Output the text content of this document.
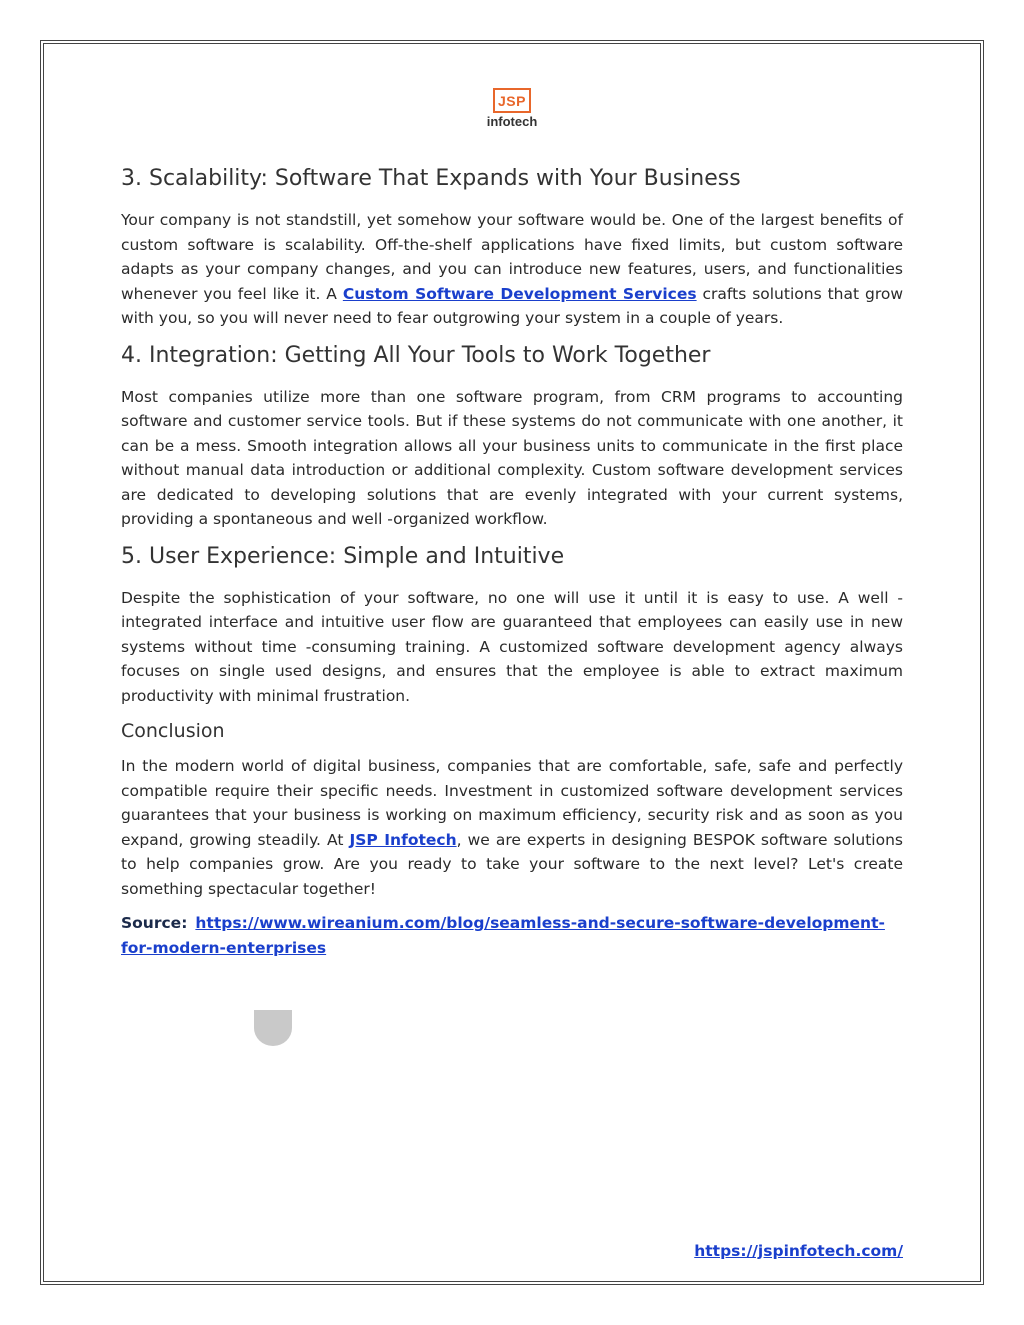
JSP
infotech
3. Scalability: Software That Expands with Your Business

Your company is not standstill, yet somehow your software would be. One of the largest benefits of custom software is scalability. Off-the-shelf applications have fixed limits, but custom software adapts as your company changes, and you can introduce new features, users, and functionalities whenever you feel like it. A Custom Software Development Services crafts solutions that grow with you, so you will never need to fear outgrowing your system in a couple of years.

4. Integration: Getting All Your Tools to Work Together

Most companies utilize more than one software program, from CRM programs to accounting software and customer service tools. But if these systems do not communicate with one another, it can be a mess. Smooth integration allows all your business units to communicate in the first place without manual data introduction or additional complexity. Custom software development services are dedicated to developing solutions that are evenly integrated with your current systems, providing a spontaneous and well -organized workflow.

5. User Experience: Simple and Intuitive

Despite the sophistication of your software, no one will use it until it is easy to use. A well -integrated interface and intuitive user flow are guaranteed that employees can easily use in new systems without time -consuming training. A customized software development agency always focuses on single used designs, and ensures that the employee is able to extract maximum productivity with minimal frustration.

Conclusion

In the modern world of digital business, companies that are comfortable, safe, safe and perfectly compatible require their specific needs. Investment in customized software development services guarantees that your business is working on maximum efficiency, security risk and as soon as you expand, growing steadily. At JSP Infotech, we are experts in designing BESPOK software solutions to help companies grow. Are you ready to take your software to the next level? Let's create something spectacular together!

Source: https://www.wireanium.com/blog/seamless-and-secure-software-development-for-modern-enterprises

https://jspinfotech.com/
